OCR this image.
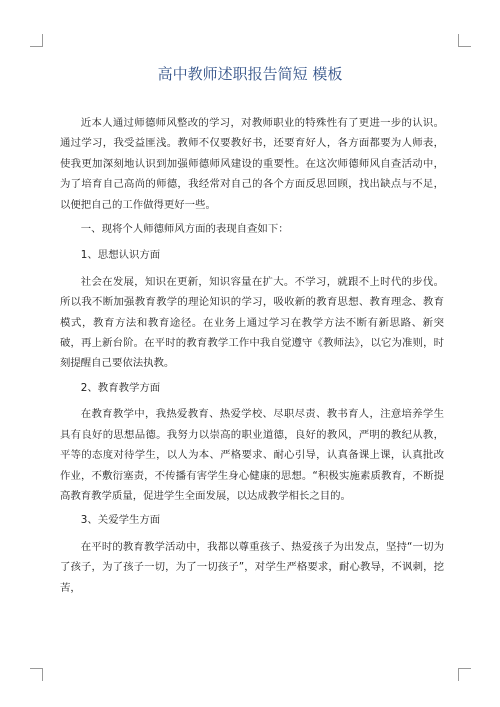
高中教师述职报告简短 模板

近本人通过师德师风整改的学习，对教师职业的特殊性有了更进一步的认识。通过学习，我受益匪浅。教师不仅要教好书，还要育好人，各方面都要为人师表，使我更加深刻地认识到加强师德师风建设的重要性。在这次师德师风自查活动中，为了培育自己高尚的师德，我经常对自己的各个方面反思回顾，找出缺点与不足，以便把自己的工作做得更好一些。

一、现将个人师德师风方面的表现自查如下：

1、思想认识方面

社会在发展，知识在更新，知识容量在扩大。不学习，就跟不上时代的步伐。所以我不断加强教育教学的理论知识的学习，吸收新的教育思想、教育理念、教育模式，教育方法和教育途径。在业务上通过学习在教学方法不断有新思路、新突破，再上新台阶。在平时的教育教学工作中我自觉遵守《教师法》，以它为准则，时刻提醒自己要依法执教。

2、教育教学方面

在教育教学中，我热爱教育、热爱学校、尽职尽责、教书育人，注意培养学生具有良好的思想品德。我努力以崇高的职业道德，良好的教风，严明的教纪从教，平等的态度对待学生，以人为本、严格要求、耐心引导，认真备课上课，认真批改作业，不敷衍塞责，不传播有害学生身心健康的思想。“积极实施素质教育，不断提高教育教学质量，促进学生全面发展，以达成教学相长之目的。

3、关爱学生方面

在平时的教育教学活动中，我都以尊重孩子、热爱孩子为出发点，坚持“一切为了孩子，为了孩子一切，为了一切孩子”，对学生严格要求，耐心教导，不讽刺，挖苦，
